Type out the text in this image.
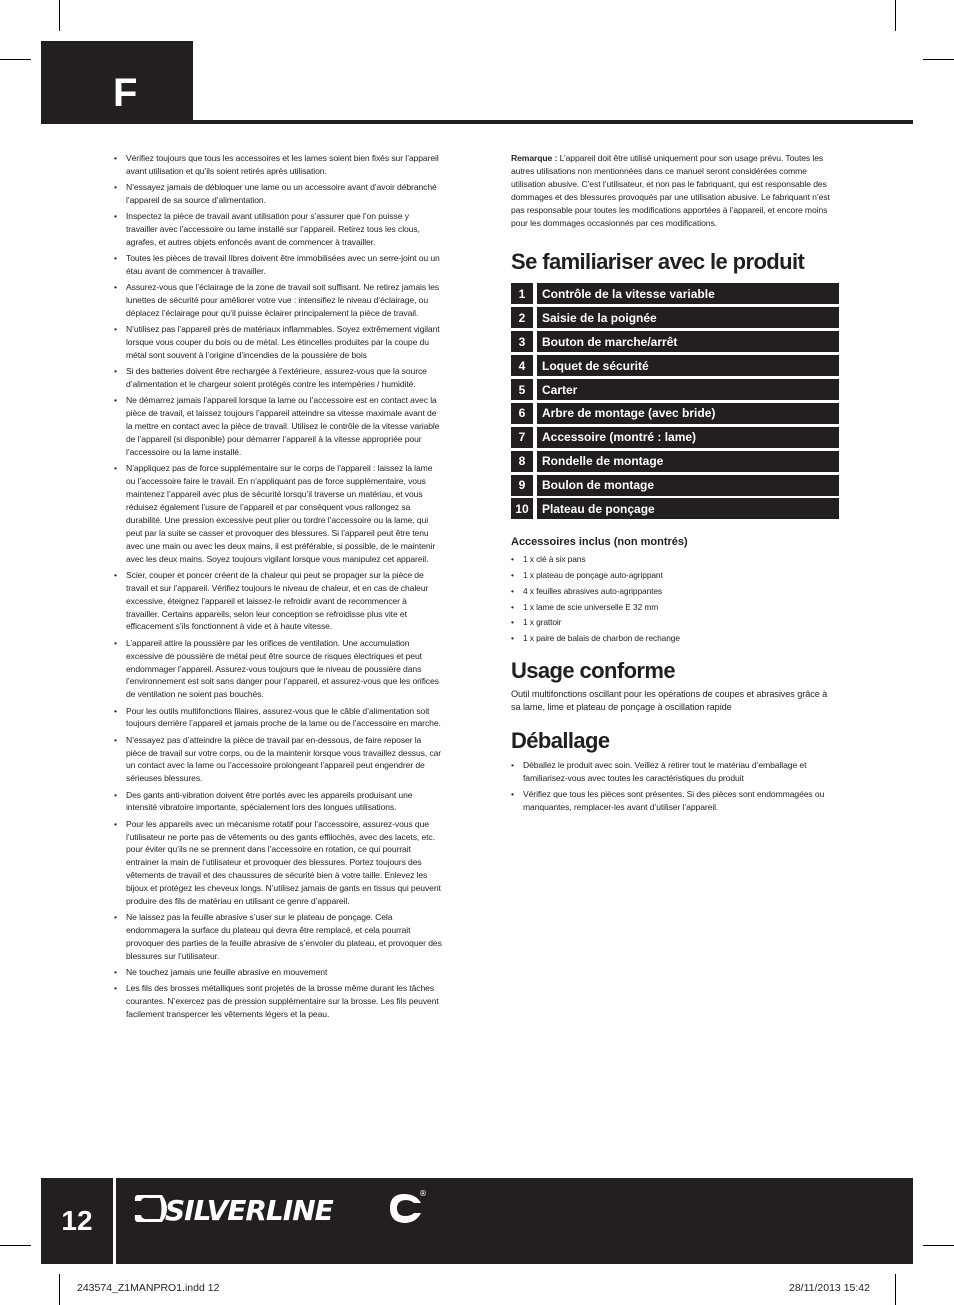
F
• Vérifiez toujours que tous les accessoires et les lames soient bien fixés sur l’appareil avant utilisation et qu’ils soient retirés après utilisation.
• N’essayez jamais de débloquer une lame ou un accessoire avant d’avoir débranché l’appareil de sa source d’alimentation.
• Inspectez la pièce de travail avant utilisation pour s’assurer que l’on puisse y travailler avec l’accessoire ou lame installé sur l’appareil. Retirez tous les clous, agrafes, et autres objets enfoncés avant de commencer à travailler.
• Toutes les pièces de travail libres doivent être immobilisées avec un serre-joint ou un étau avant de commencer à travailler.
• Assurez-vous que l’éclairage de la zone de travail soit suffisant. Ne retirez jamais les lunettes de sécurité pour améliorer votre vue : intensifiez le niveau d’éclairage, ou déplacez l’éclairage pour qu’il puisse éclairer principalement la pièce de travail.
• N’utilisez pas l’appareil près de matériaux inflammables. Soyez extrêmement vigilant lorsque vous couper du bois ou de métal. Les étincelles produites par la coupe du métal sont souvent à l’origine d’incendies de la poussière de bois
• Si des batteries doivent être rechargée à l’extérieure, assurez-vous que la source d’alimentation et le chargeur soient protégés contre les intempéries / humidité.
• Ne démarrez jamais l’appareil lorsque la lame ou l’accessoire est en contact avec la pièce de travail, et laissez toujours l’appareil atteindre sa vitesse maximale avant de la mettre en contact avec la pièce de travail. Utilisez le contrôle de la vitesse variable de l’appareil (si disponible) pour démarrer l’appareil à la vitesse appropriée pour l’accessoire ou la lame installé.
• N’appliquez pas de force supplémentaire sur le corps de l’appareil : laissez la lame ou l’accessoire faire le travail. En n’appliquant pas de force supplémentaire, vous maintenez l’appareil avec plus de sécurité lorsqu’il traverse un matériau, et vous réduisez également l’usure de l’appareil et par conséquent vous rallongez sa durabilité. Une pression excessive peut plier ou tordre l’accessoire ou la lame, qui peut par la suite se casser et provoquer des blessures. Si l’appareil peut être tenu avec une main ou avec les deux mains, il est préférable, si possible, de le maintenir avec les deux mains. Soyez toujours vigilant lorsque vous manipulez cet appareil.
• Scier, couper et poncer créent de la chaleur qui peut se propager sur la pièce de travail et sur l’appareil. Vérifiez toujours le niveau de chaleur, et en cas de chaleur excessive, éteignez l’appareil et laissez-le refroidir avant de recommencer à travailler. Certains appareils, selon leur conception se refroidisse plus vite et efficacement s’ils fonctionnent à vide et à haute vitesse.
• L’appareil attire la poussière par les orifices de ventilation. Une accumulation excessive de poussière de métal peut être source de risques électriques et peut endommager l’appareil. Assurez-vous toujours que le niveau de poussière dans l’environnement est soit sans danger pour l’appareil, et assurez-vous que les orifices de ventilation ne soient pas bouchés.
• Pour les outils multifonctions filaires, assurez-vous que le câble d’alimentation soit toujours derrière l’appareil et jamais proche de la lame ou de l’accessoire en marche.
• N’essayez pas d’atteindre la pièce de travail par en-dessous, de faire reposer la pièce de travail sur votre corps, ou de la maintenir lorsque vous travaillez dessus, car un contact avec la lame ou l’accessoire prolongeant l’appareil peut engendrer de sérieuses blessures.
• Des gants anti-vibration doivent être portés avec les appareils produisant une intensité vibratoire importante, spécialement lors des longues utilisations.
• Pour les appareils avec un mécanisme rotatif pour l’accessoire, assurez-vous que l’utilisateur ne porte pas de vêtements ou des gants effilochés, avec des lacets, etc. pour éviter qu’ils ne se prennent dans l’accessoire en rotation, ce qui pourrait entrainer la main de l’utilisateur et provoquer des blessures. Portez toujours des vêtements de travail et des chaussures de sécurité bien à votre taille. Enlevez les bijoux et protégez les cheveux longs. N’utilisez jamais de gants en tissus qui peuvent produire des fils de matériau en utilisant ce genre d’appareil.
• Ne laissez pas la feuille abrasive s’user sur le plateau de ponçage. Cela endommagera la surface du plateau qui devra être remplacé, et cela pourrait provoquer des parties de la feuille abrasive de s’envoler du plateau, et provoquer des blessures sur l’utilisateur.
• Ne touchez jamais une feuille abrasive en mouvement
• Les fils des brosses métalliques sont projetés de la brosse même durant les tâches courantes. N’exercez pas de pression supplémentaire sur la brosse. Les fils peuvent facilement transpercer les vêtements légers et la peau.
Remarque : L’appareil doit être utilisé uniquement pour son usage prévu. Toutes les autres utilisations non mentionnées dans ce manuel seront considérées comme utilisation abusive. C’est l’utilisateur, et non pas le fabriquant, qui est responsable des dommages et des blessures provoqués par une utilisation abusive. Le fabriquant n’est pas responsable pour toutes les modifications apportées à l’appareil, et encore moins pour les dommages occasionnés par ces modifications.
Se familiariser avec le produit
1	Contrôle de la vitesse variable
2	Saisie de la poignée
3	Bouton de marche/arrêt
4	Loquet de sécurité
5	Carter
6	Arbre de montage (avec bride)
7	Accessoire (montré : lame)
8	Rondelle de montage
9	Boulon de montage
10	Plateau de ponçage
Accessoires inclus (non montrés)
• 1 x clé à six pans
• 1 x plateau de ponçage auto-agrippant
• 4 x feuilles abrasives auto-agrippantes
• 1 x lame de scie universelle E 32 mm
• 1 x grattoir
• 1 x paire de balais de charbon de rechange
Usage conforme
Outil multifonctions oscillant pour les opérations de coupes et abrasives grâce à sa lame, lime et plateau de ponçage à oscillation rapide
Déballage
• Déballez le produit avec soin. Veillez à retirer tout le matériau d’emballage et familiarisez-vous avec toutes les caractéristiques du produit
• Vérifiez que tous les pièces sont présentes. Si des pièces sont endommagées ou manquantes, remplacer-les avant d’utiliser l’appareil.
12	SILVERLINE
®
243574_Z1MANPRO1.indd 12	28/11/2013 15:42
